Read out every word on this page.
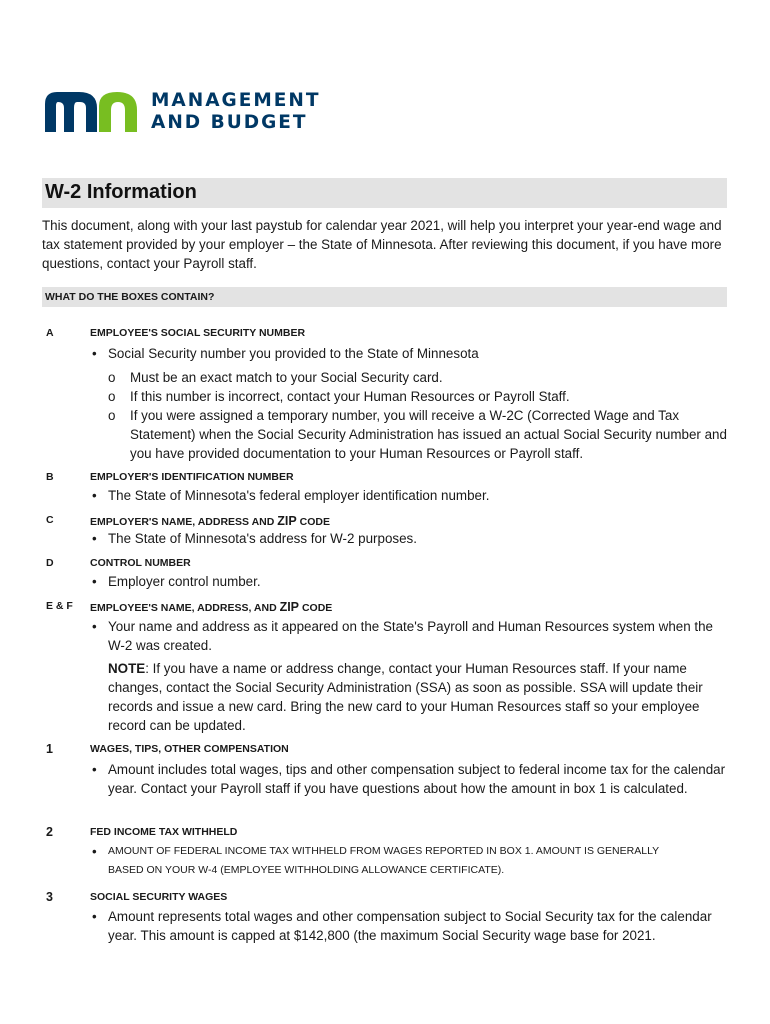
MANAGEMENT
AND BUDGET
W-2 Information
This document, along with your last paystub for calendar year 2021, will help you interpret your year-end wage and tax statement provided by your employer – the State of Minnesota. After reviewing this document, if you have more questions, contact your Payroll staff.
WHAT DO THE BOXES CONTAIN?
A	EMPLOYEE'S SOCIAL SECURITY NUMBER
• Social Security number you provided to the State of Minnesota
o Must be an exact match to your Social Security card.
o If this number is incorrect, contact your Human Resources or Payroll Staff.
o If you were assigned a temporary number, you will receive a W-2C (Corrected Wage and Tax Statement) when the Social Security Administration has issued an actual Social Security number and you have provided documentation to your Human Resources or Payroll staff.
B	EMPLOYER'S IDENTIFICATION NUMBER
• The State of Minnesota's federal employer identification number.
C	EMPLOYER'S NAME, ADDRESS AND ZIP CODE
• The State of Minnesota's address for W-2 purposes.
D	CONTROL NUMBER
• Employer control number.
E & F EMPLOYEE'S NAME, ADDRESS, AND ZIP CODE
• Your name and address as it appeared on the State's Payroll and Human Resources system when the W-2 was created.
NOTE: If you have a name or address change, contact your Human Resources staff. If your name changes, contact the Social Security Administration (SSA) as soon as possible. SSA will update their records and issue a new card. Bring the new card to your Human Resources staff so your employee record can be updated.
1	WAGES, TIPS, OTHER COMPENSATION
• Amount includes total wages, tips and other compensation subject to federal income tax for the calendar year. Contact your Payroll staff if you have questions about how the amount in box 1 is calculated.
2	FED INCOME TAX WITHHELD
• AMOUNT OF FEDERAL INCOME TAX WITHHELD FROM WAGES REPORTED IN BOX 1. AMOUNT IS GENERALLY
BASED ON YOUR W-4 (EMPLOYEE WITHHOLDING ALLOWANCE CERTIFICATE).
3	SOCIAL SECURITY WAGES
• Amount represents total wages and other compensation subject to Social Security tax for the calendar year. This amount is capped at $142,800 (the maximum Social Security wage base for 2021.
